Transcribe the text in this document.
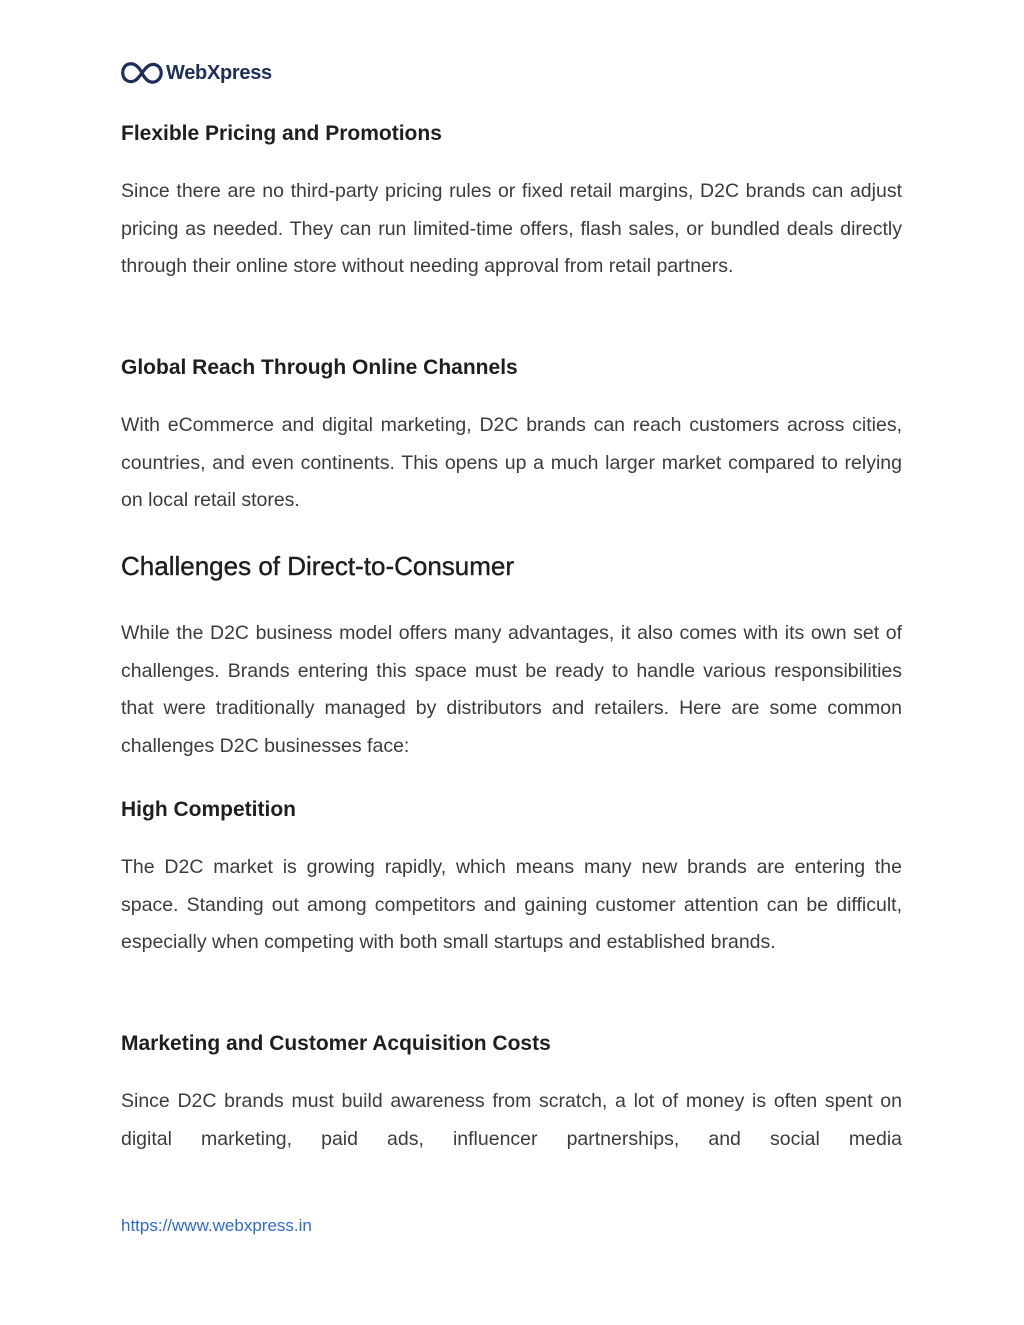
WebXpress
Flexible Pricing and Promotions

Since there are no third-party pricing rules or fixed retail margins, D2C brands can adjust pricing as needed. They can run limited-time offers, flash sales, or bundled deals directly through their online store without needing approval from retail partners.

Global Reach Through Online Channels

With eCommerce and digital marketing, D2C brands can reach customers across cities, countries, and even continents. This opens up a much larger market compared to relying on local retail stores.

Challenges of Direct-to-Consumer

While the D2C business model offers many advantages, it also comes with its own set of challenges. Brands entering this space must be ready to handle various responsibilities that were traditionally managed by distributors and retailers. Here are some common challenges D2C businesses face:

High Competition

The D2C market is growing rapidly, which means many new brands are entering the space. Standing out among competitors and gaining customer attention can be difficult, especially when competing with both small startups and established brands.

Marketing and Customer Acquisition Costs

Since D2C brands must build awareness from scratch, a lot of money is often spent on digital marketing, paid ads, influencer partnerships, and social media

https://www.webxpress.in
